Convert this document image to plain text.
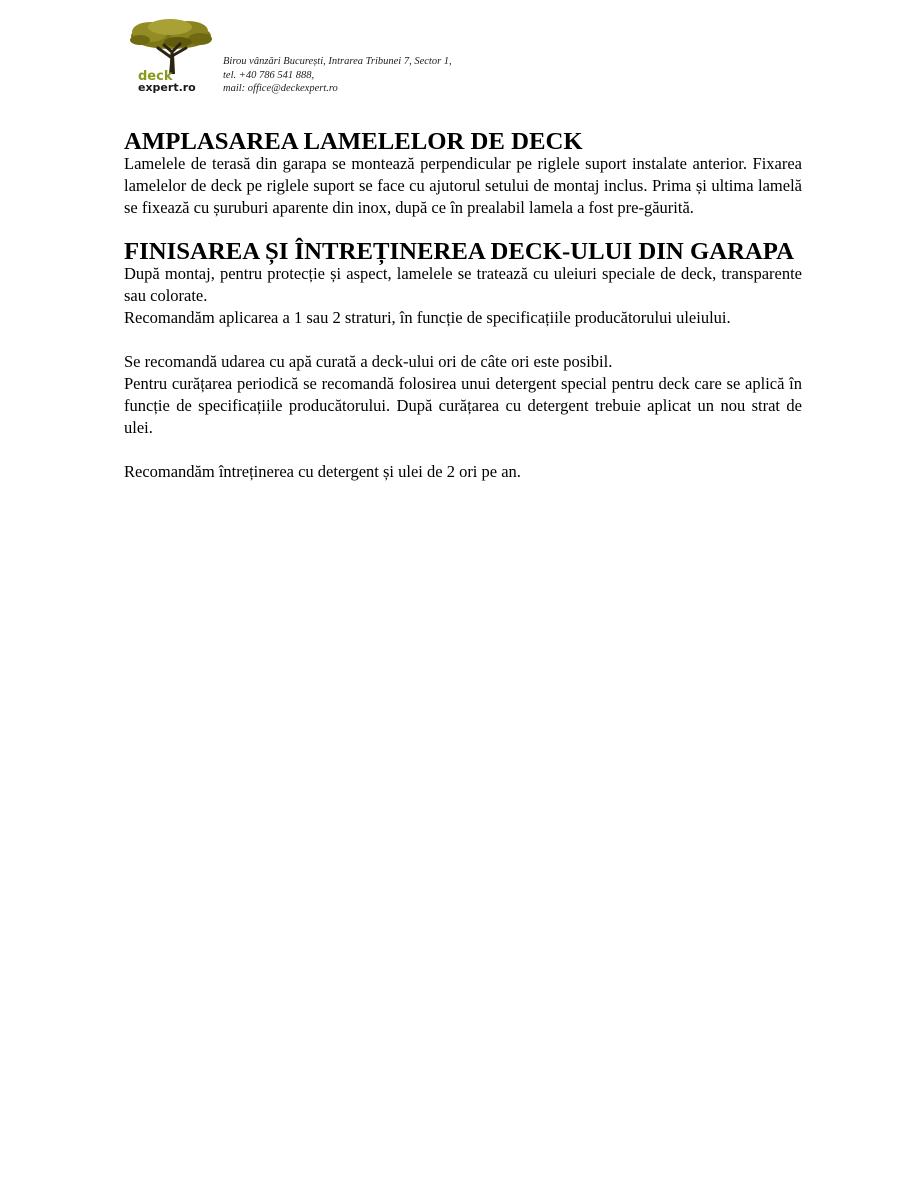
deck
expert.ro
Birou vânzări București, Intrarea Tribunei 7, Sector 1,
tel. +40 786 541 888,
mail: office@deckexpert.ro
AMPLASAREA LAMELELOR DE DECK

Lamelele de terasă din garapa se montează perpendicular pe riglele suport instalate anterior. Fixarea lamelelor de deck pe riglele suport se face cu ajutorul setului de montaj inclus. Prima și ultima lamelă se fixează cu șuruburi aparente din inox, după ce în prealabil lamela a fost pre-găurită.

FINISAREA ȘI ÎNTREȚINEREA DECK-ULUI DIN GARAPA

După montaj, pentru protecție și aspect, lamelele se tratează cu uleiuri speciale de deck, transparente sau colorate.

Recomandăm aplicarea a 1 sau 2 straturi, în funcție de specificațiile producătorului uleiului.

Se recomandă udarea cu apă curată a deck-ului ori de câte ori este posibil.

Pentru curățarea periodică se recomandă folosirea unui detergent special pentru deck care se aplică în funcție de specificațiile producătorului. După curățarea cu detergent trebuie aplicat un nou strat de ulei.

Recomandăm întreținerea cu detergent și ulei de 2 ori pe an.
